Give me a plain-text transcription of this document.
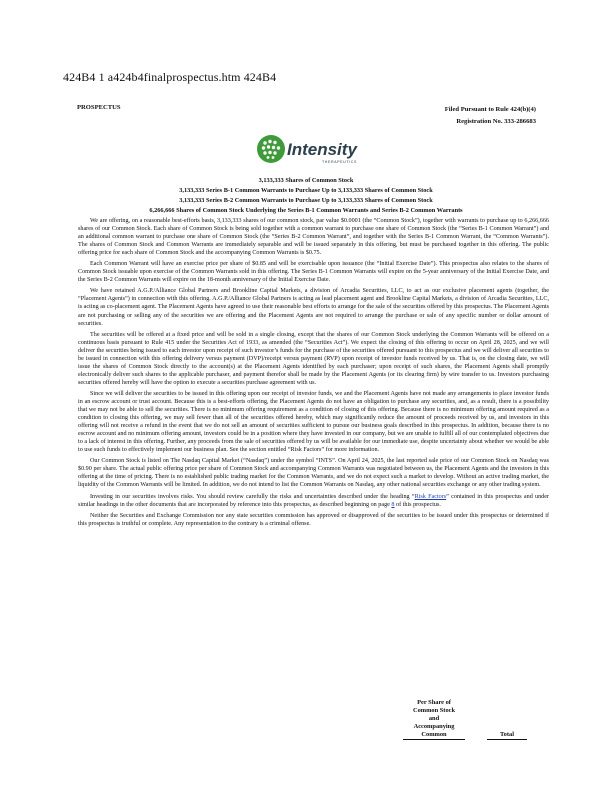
424B4 1 a424b4finalprospectus.htm 424B4
PROSPECTUS	Filed Pursuant to Rule 424(b)(4)
Registration No. 333-286683
Intensity
THERAPEUTICS
3,133,333 Shares of Common Stock
3,133,333 Series B-1 Common Warrants to Purchase Up to 3,133,333 Shares of Common Stock
3,133,333 Series B-2 Common Warrants to Purchase Up to 3,133,333 Shares of Common Stock
6,266,666 Shares of Common Stock Underlying the Series B-1 Common Warrants and Series B-2 Common Warrants

We are offering, on a reasonable best-efforts basis, 3,133,333 shares of our common stock, par value $0.0001 (the “Common Stock”), together with warrants to purchase up to 6,266,666 shares of our Common Stock. Each share of Common Stock is being sold together with a common warrant to purchase one share of Common Stock (the “Series B-1 Common Warrant”) and an additional common warrant to purchase one share of Common Stock (the “Series B-2 Common Warrant”, and together with the Series B-1 Common Warrant, the “Common Warrants”). The shares of Common Stock and Common Warrants are immediately separable and will be issued separately in this offering, but must be purchased together in this offering. The public offering price for each share of Common Stock and the accompanying Common Warrants is $0.75.

Each Common Warrant will have an exercise price per share of $0.85 and will be exercisable upon issuance (the “Initial Exercise Date”). This prospectus also relates to the shares of Common Stock issuable upon exercise of the Common Warrants sold in this offering. The Series B-1 Common Warrants will expire on the 5-year anniversary of the Initial Exercise Date, and the Series B-2 Common Warrants will expire on the 18-month anniversary of the Initial Exercise Date.

We have retained A.G.P./Alliance Global Partners and Brookline Capital Markets, a division of Arcadia Securities, LLC, to act as our exclusive placement agents (together, the “Placement Agents”) in connection with this offering. A.G.P./Alliance Global Partners is acting as lead placement agent and Brookline Capital Markets, a division of Arcadia Securities, LLC, is acting as co-placement agent. The Placement Agents have agreed to use their reasonable best efforts to arrange for the sale of the securities offered by this prospectus. The Placement Agents are not purchasing or selling any of the securities we are offering and the Placement Agents are not required to arrange the purchase or sale of any specific number or dollar amount of securities.

The securities will be offered at a fixed price and will be sold in a single closing, except that the shares of our Common Stock underlying the Common Warrants will be offered on a continuous basis pursuant to Rule 415 under the Securities Act of 1933, as amended (the “Securities Act”). We expect the closing of this offering to occur on April 28, 2025, and we will deliver the securities being issued to each investor upon receipt of such investor’s funds for the purchase of the securities offered pursuant to this prospectus and we will deliver all securities to be issued in connection with this offering delivery versus payment (DVP)/receipt versus payment (RVP) upon receipt of investor funds received by us. That is, on the closing date, we will issue the shares of Common Stock directly to the account(s) at the Placement Agents identified by each purchaser; upon receipt of such shares, the Placement Agents shall promptly electronically deliver such shares to the applicable purchaser, and payment therefor shall be made by the Placement Agents (or its clearing firm) by wire transfer to us. Investors purchasing securities offered hereby will have the option to execute a securities purchase agreement with us.

Since we will deliver the securities to be issued in this offering upon our receipt of investor funds, we and the Placement Agents have not made any arrangements to place investor funds in an escrow account or trust account. Because this is a best-efforts offering, the Placement Agents do not have an obligation to purchase any securities, and, as a result, there is a possibility that we may not be able to sell the securities. There is no minimum offering requirement as a condition of closing of this offering. Because there is no minimum offering amount required as a condition to closing this offering, we may sell fewer than all of the securities offered hereby, which may significantly reduce the amount of proceeds received by us, and investors in this offering will not receive a refund in the event that we do not sell an amount of securities sufficient to pursue our business goals described in this prospectus. In addition, because there is no escrow account and no minimum offering amount, investors could be in a position where they have invested in our company, but we are unable to fulfill all of our contemplated objectives due to a lack of interest in this offering. Further, any proceeds from the sale of securities offered by us will be available for our immediate use, despite uncertainty about whether we would be able to use such funds to effectively implement our business plan. See the section entitled “Risk Factors” for more information.

Our Common Stock is listed on The Nasdaq Capital Market (“Nasdaq”) under the symbol “INTS”. On April 24, 2025, the last reported sale price of our Common Stock on Nasdaq was $0.90 per share. The actual public offering price per share of Common Stock and accompanying Common Warrants was negotiated between us, the Placement Agents and the investors in this offering at the time of pricing. There is no established public trading market for the Common Warrants, and we do not expect such a market to develop. Without an active trading market, the liquidity of the Common Warrants will be limited. In addition, we do not intend to list the Common Warrants on Nasdaq, any other national securities exchange or any other trading system.

Investing in our securities involves risks. You should review carefully the risks and uncertainties described under the heading “Risk Factors” contained in this prospectus and under similar headings in the other documents that are incorporated by reference into this prospectus, as described beginning on page 8 of this prospectus.

Neither the Securities and Exchange Commission nor any state securities commission has approved or disapproved of the securities to be issued under this prospectus or determined if this prospectus is truthful or complete. Any representation to the contrary is a criminal offense.

Per Share of
Common Stock
and
Accompanying
Common	Total
